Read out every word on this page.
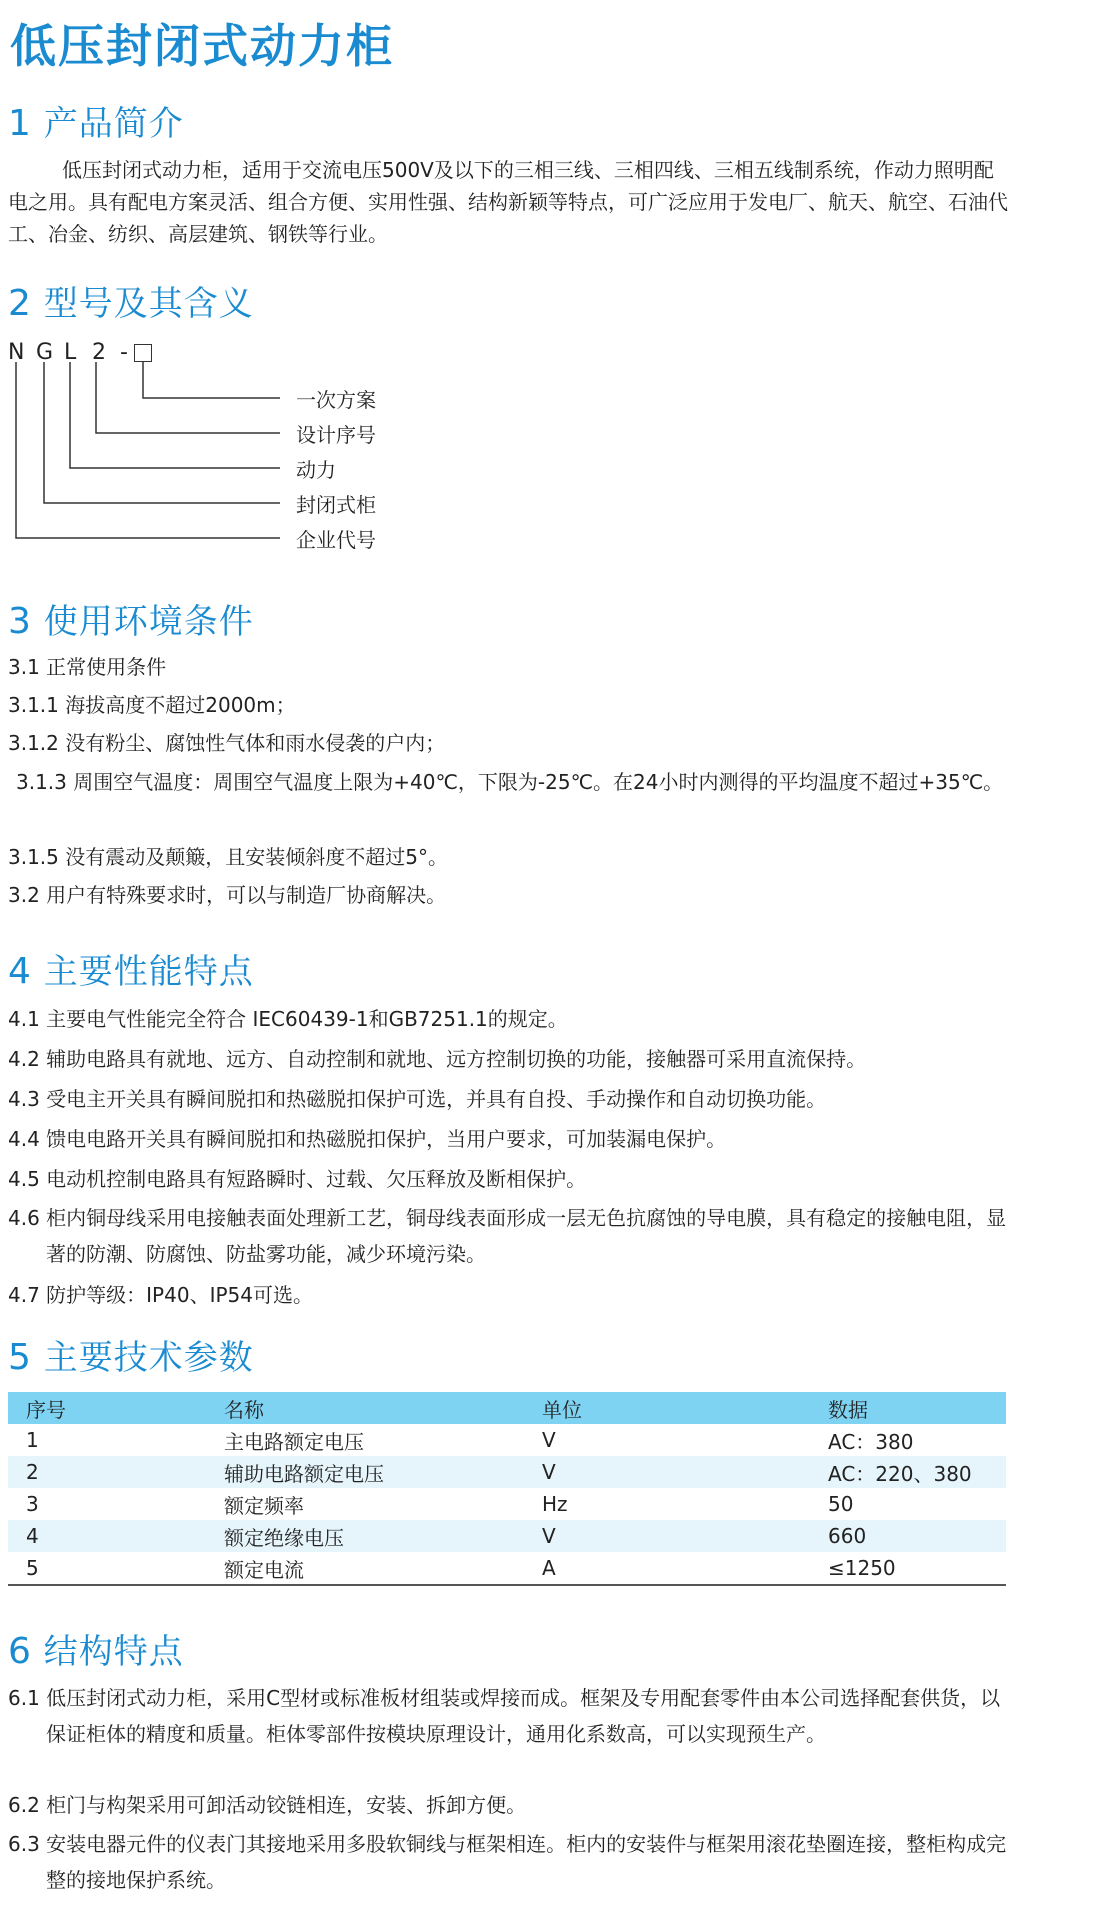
低压封闭式动力柜
1 产品简介

低压封闭式动力柜，适用于交流电压500V及以下的三相三线、三相四线、三相五线制系统，作动力照明配电之用。具有配电方案灵活、组合方便、实用性强、结构新颖等特点，可广泛应用于发电厂、航天、航空、石油代工、冶金、纺织、高层建筑、钢铁等行业。

2 型号及其含义
N G L 2 -
一次方案
设计序号
动力
封闭式柜
企业代号
3 使用环境条件

3.1 正常使用条件

3.1.1 海拔高度不超过2000m；

3.1.2 没有粉尘、腐蚀性气体和雨水侵袭的户内；

3.1.3 周围空气温度：周围空气温度上限为+40℃，下限为-25℃。在24小时内测得的平均温度不超过+35℃。

3.1.5 没有震动及颠簸，且安装倾斜度不超过5°。

3.2 用户有特殊要求时，可以与制造厂协商解决。

4 主要性能特点

4.1 主要电气性能完全符合 IEC60439-1和GB7251.1的规定。

4.2 辅助电路具有就地、远方、自动控制和就地、远方控制切换的功能，接触器可采用直流保持。

4.3 受电主开关具有瞬间脱扣和热磁脱扣保护可选，并具有自投、手动操作和自动切换功能。

4.4 馈电电路开关具有瞬间脱扣和热磁脱扣保护，当用户要求，可加装漏电保护。

4.5 电动机控制电路具有短路瞬时、过载、欠压释放及断相保护。

4.6 柜内铜母线采用电接触表面处理新工艺，铜母线表面形成一层无色抗腐蚀的导电膜，具有稳定的接触电阻，显著的防潮、防腐蚀、防盐雾功能，减少环境污染。

4.7 防护等级：IP40、IP54可选。

5 主要技术参数
序号	名称	单位	数据
1	主电路额定电压	V	AC：380
2	辅助电路额定电压	V	AC：220、380
3	额定频率	Hz	50
4	额定绝缘电压	V	660
5	额定电流	A	≤1250
6 结构特点

6.1 低压封闭式动力柜，采用C型材或标准板材组装或焊接而成。框架及专用配套零件由本公司选择配套供货，以保证柜体的精度和质量。柜体零部件按模块原理设计，通用化系数高，可以实现预生产。

6.2 柜门与构架采用可卸活动铰链相连，安装、拆卸方便。

6.3 安装电器元件的仪表门其接地采用多股软铜线与框架相连。柜内的安装件与框架用滚花垫圈连接，整柜构成完整的接地保护系统。
